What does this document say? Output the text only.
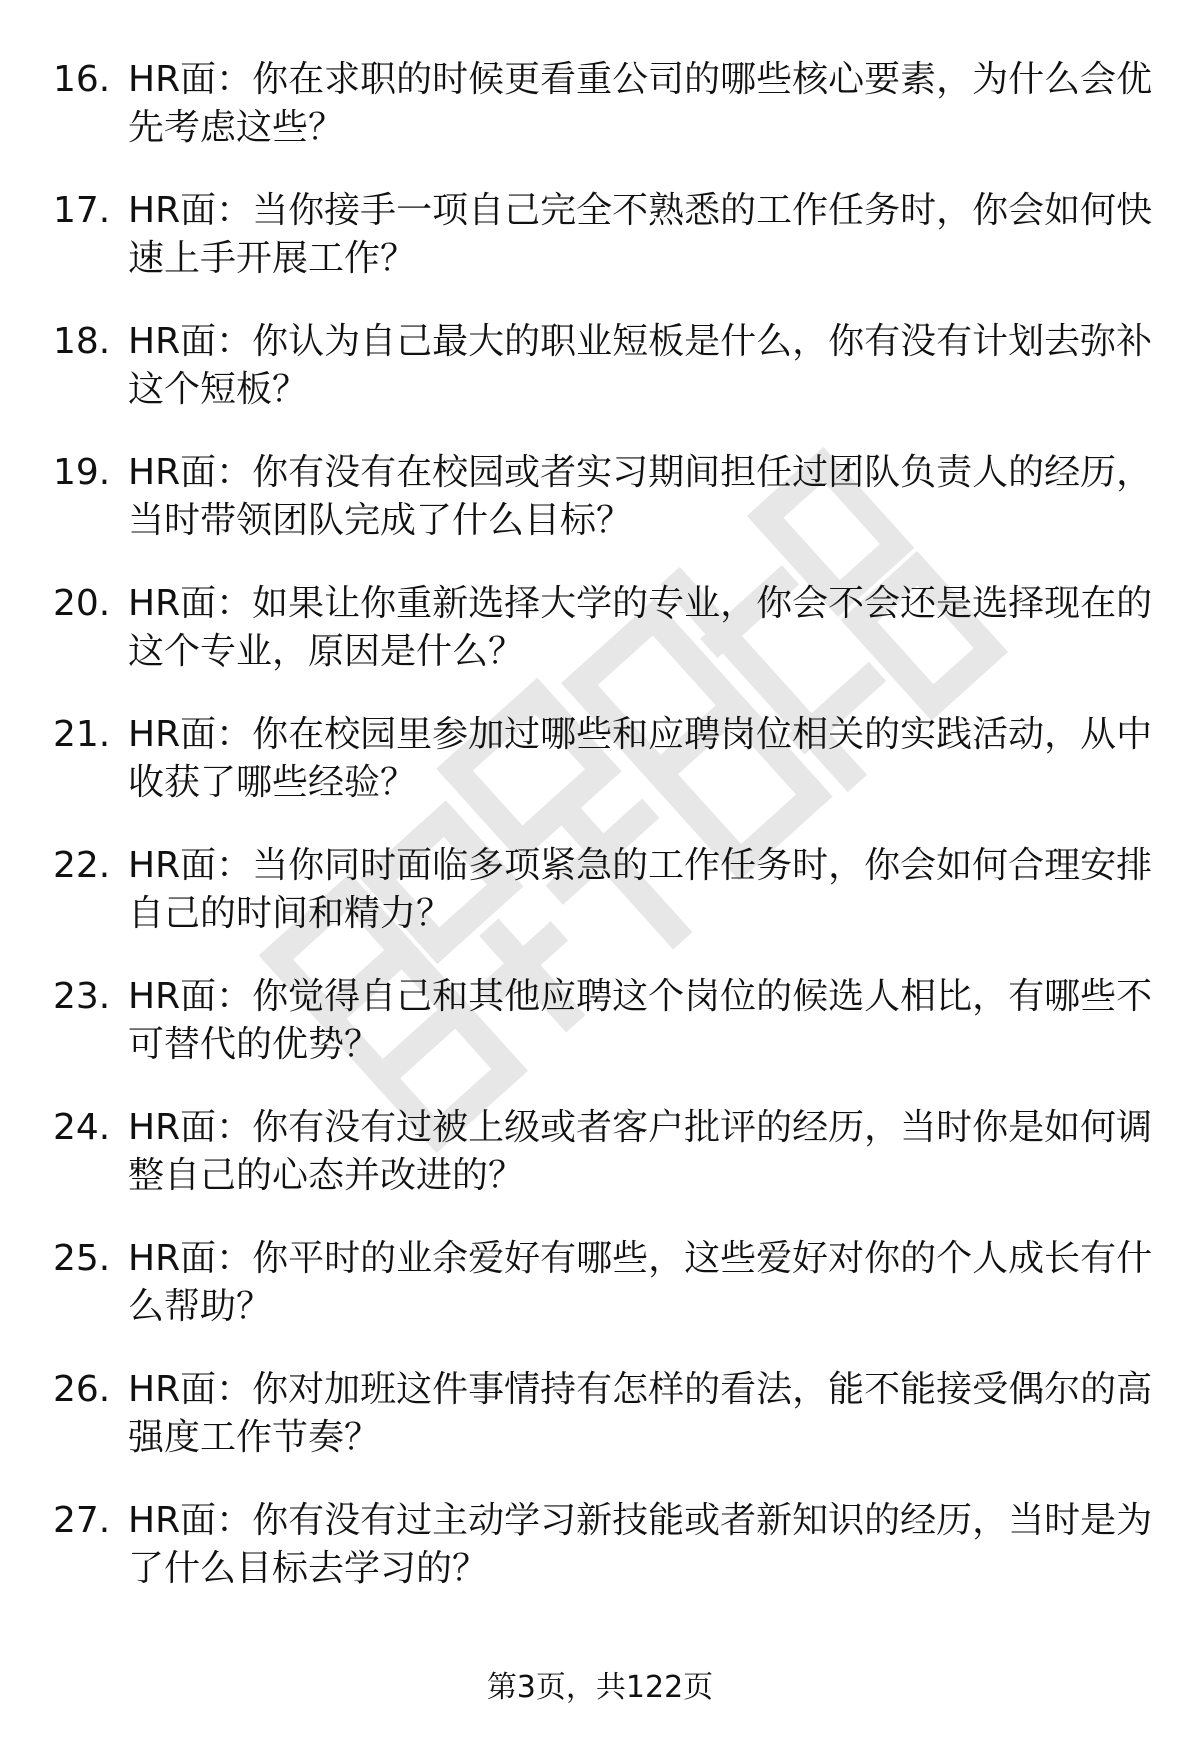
16. HR面：你在求职的时候更看重公司的哪些核心要素，为什么会优先考虑这些？

17. HR面：当你接手一项自己完全不熟悉的工作任务时，你会如何快速上手开展工作？

18. HR面：你认为自己最大的职业短板是什么，你有没有计划去弥补这个短板？

19. HR面：你有没有在校园或者实习期间担任过团队负责人的经历，当时带领团队完成了什么目标？

20. HR面：如果让你重新选择大学的专业，你会不会还是选择现在的这个专业，原因是什么？

21. HR面：你在校园里参加过哪些和应聘岗位相关的实践活动，从中收获了哪些经验？

22. HR面：当你同时面临多项紧急的工作任务时，你会如何合理安排自己的时间和精力？

23. HR面：你觉得自己和其他应聘这个岗位的候选人相比，有哪些不可替代的优势？

24. HR面：你有没有过被上级或者客户批评的经历，当时你是如何调整自己的心态并改进的？

25. HR面：你平时的业余爱好有哪些，这些爱好对你的个人成长有什么帮助？

26. HR面：你对加班这件事情持有怎样的看法，能不能接受偶尔的高强度工作节奏？

27. HR面：你有没有过主动学习新技能或者新知识的经历，当时是为了什么目标去学习的？

第3页，共122页
